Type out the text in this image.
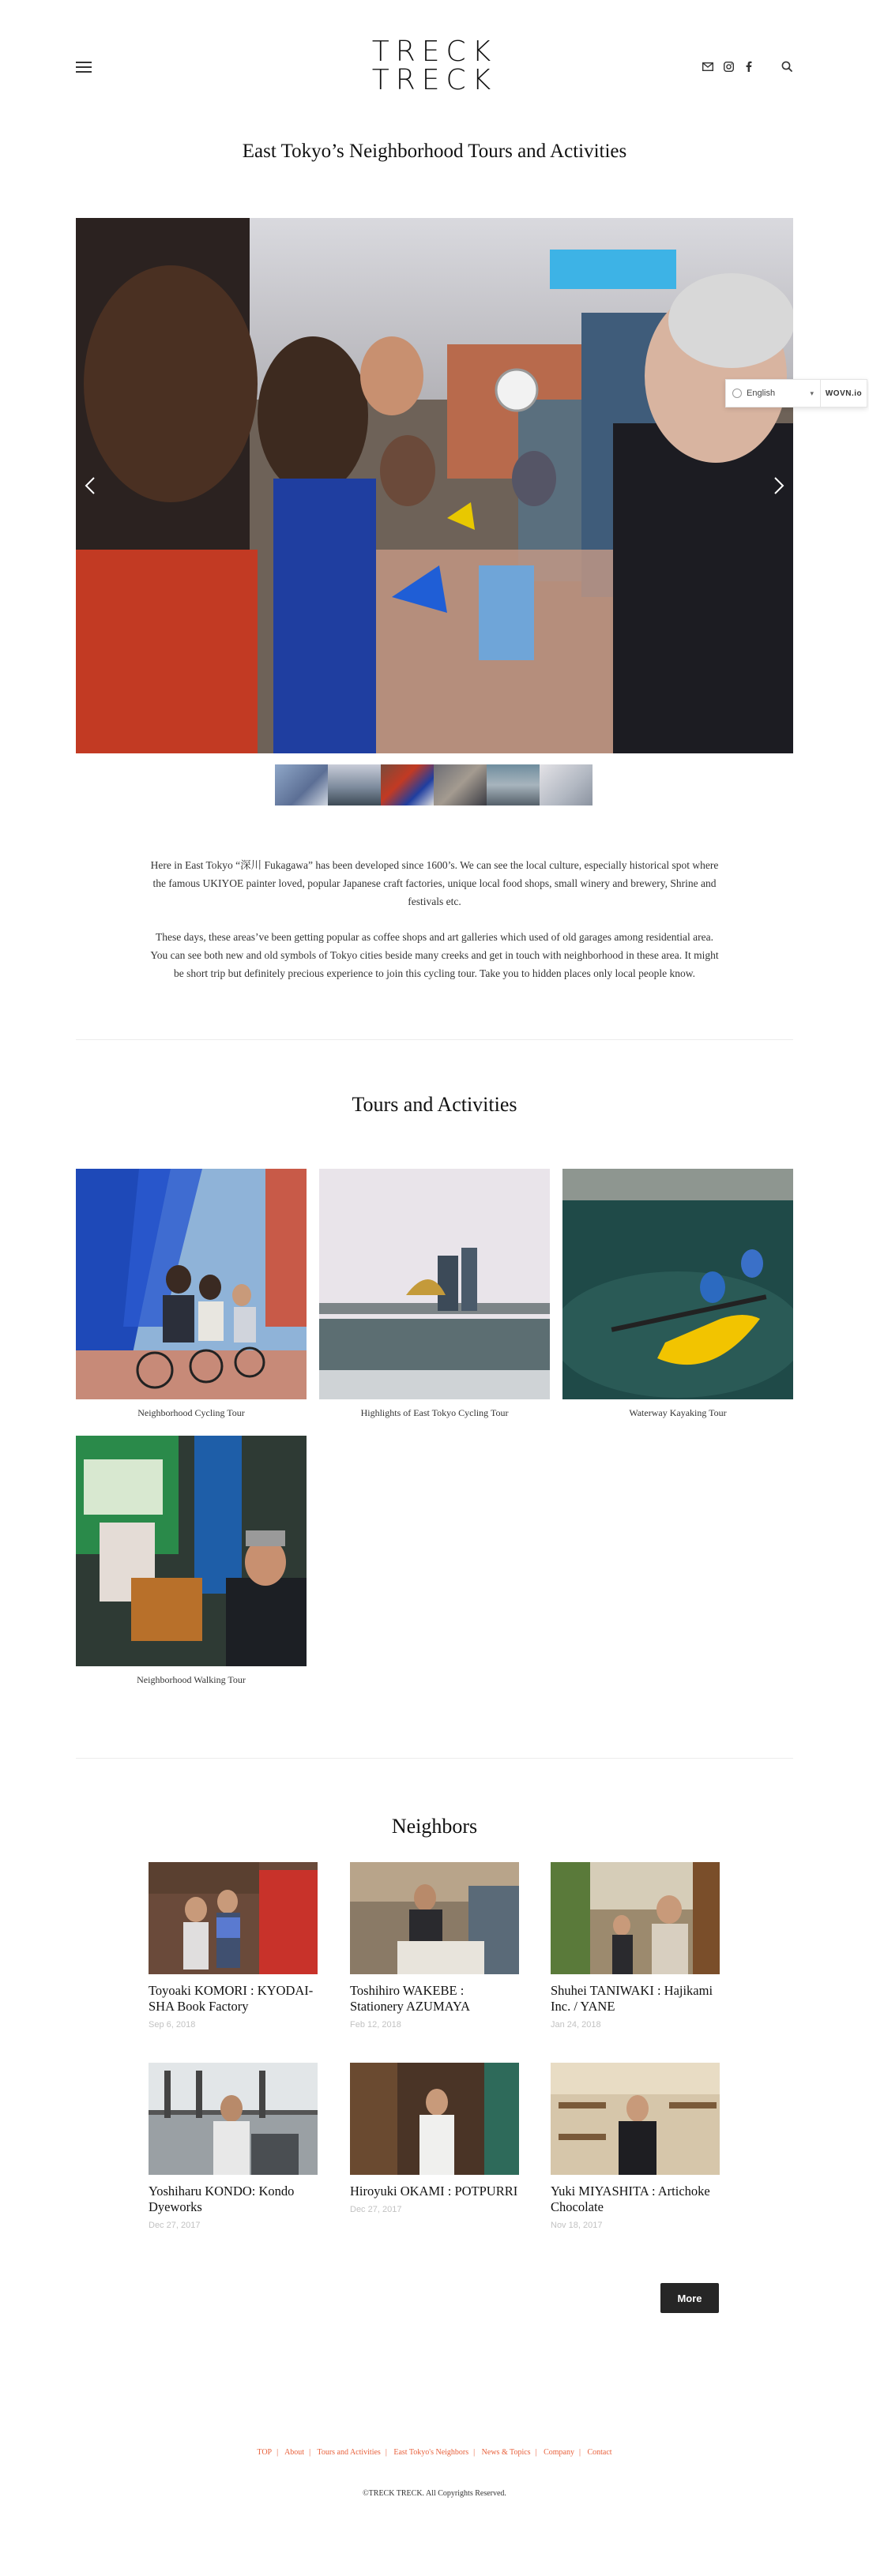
TRECK
TRECK
East Tokyo’s Neighborhood Tours and Activities
English	▾	WOVN.io

Here in East Tokyo “深川 Fukagawa” has been developed since 1600’s. We can see the local culture, especially historical spot where the famous UKIYOE painter loved, popular Japanese craft factories, unique local food shops, small winery and brewery, Shrine and festivals etc.

These days, these areas’ve been getting popular as coffee shops and art galleries which used of old garages among residential area. You can see both new and old symbols of Tokyo cities beside many creeks and get in touch with neighborhood in these area. It might be short trip but definitely precious experience to join this cycling tour. Take you to hidden places only local people know.

Tours and Activities
Neighborhood Cycling Tour	Highlights of East Tokyo Cycling Tour	Waterway Kayaking Tour
Neighborhood Walking Tour
Neighbors
Toyoaki KOMORI : KYODAI-SHA Book Factory
Sep 6, 2018
Toshihiro WAKEBE : Stationery AZUMAYA
Feb 12, 2018
Shuhei TANIWAKI : Hajikami Inc. / YANE
Jan 24, 2018
Yoshiharu KONDO: Kondo Dyeworks
Dec 27, 2017
Hiroyuki OKAMI : POTPURRI
Dec 27, 2017
Yuki MIYASHITA : Artichoke Chocolate
Nov 18, 2017
More
TOP | About | Tours and Activities | East Tokyo's Neighbors | News & Topics | Company | Contact
©TRECK TRECK. All Copyrights Reserved.
